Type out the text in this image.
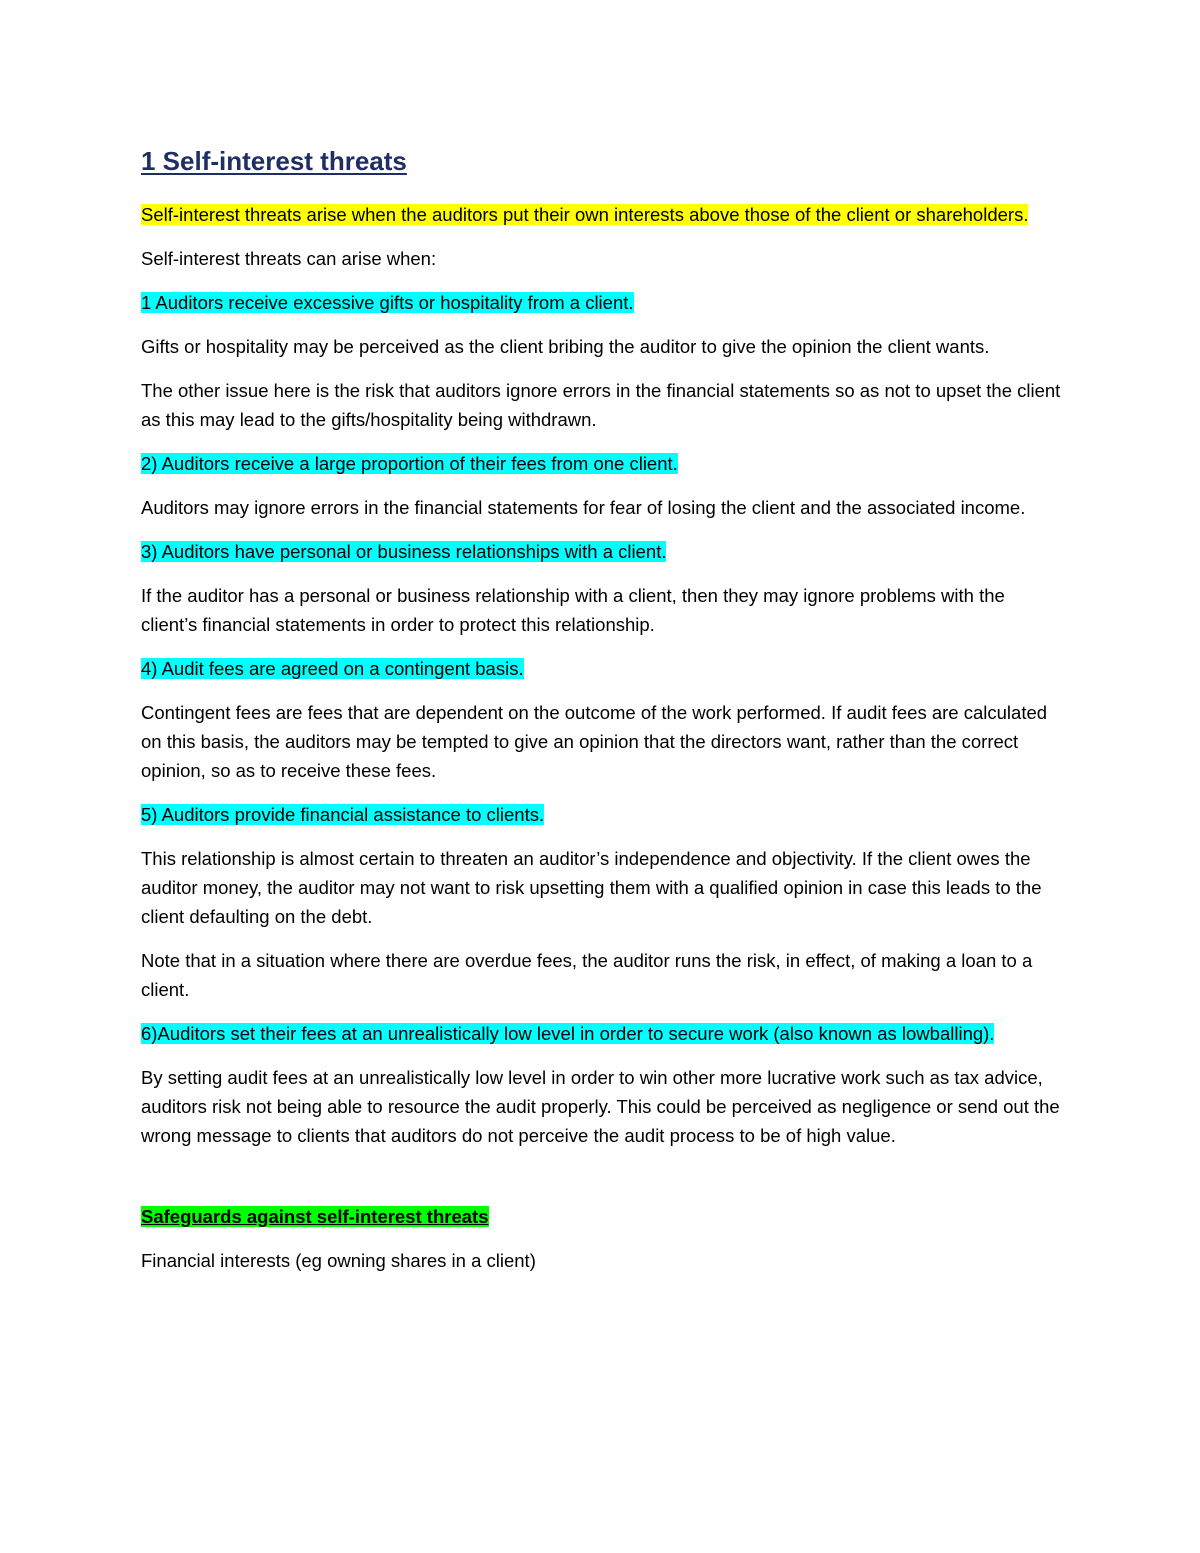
1 Self-interest threats

Self-interest threats arise when the auditors put their own interests above those of the client or shareholders.

Self-interest threats can arise when:

1 Auditors receive excessive gifts or hospitality from a client.

Gifts or hospitality may be perceived as the client bribing the auditor to give the opinion the client wants.

The other issue here is the risk that auditors ignore errors in the financial statements so as not to upset the client as this may lead to the gifts/hospitality being withdrawn.

2) Auditors receive a large proportion of their fees from one client.

Auditors may ignore errors in the financial statements for fear of losing the client and the associated income.

3) Auditors have personal or business relationships with a client.

If the auditor has a personal or business relationship with a client, then they may ignore problems with the client’s financial statements in order to protect this relationship.

4) Audit fees are agreed on a contingent basis.

Contingent fees are fees that are dependent on the outcome of the work performed. If audit fees are calculated on this basis, the auditors may be tempted to give an opinion that the directors want, rather than the correct opinion, so as to receive these fees.

5) Auditors provide financial assistance to clients.

This relationship is almost certain to threaten an auditor’s independence and objectivity. If the client owes the auditor money, the auditor may not want to risk upsetting them with a qualified opinion in case this leads to the client defaulting on the debt.

Note that in a situation where there are overdue fees, the auditor runs the risk, in effect, of making a loan to a client.

6)Auditors set their fees at an unrealistically low level in order to secure work (also known as lowballing).

By setting audit fees at an unrealistically low level in order to win other more lucrative work such as tax advice, auditors risk not being able to resource the audit properly. This could be perceived as negligence or send out the wrong message to clients that auditors do not perceive the audit process to be of high value.

Safeguards against self-interest threats

Financial interests (eg owning shares in a client)
